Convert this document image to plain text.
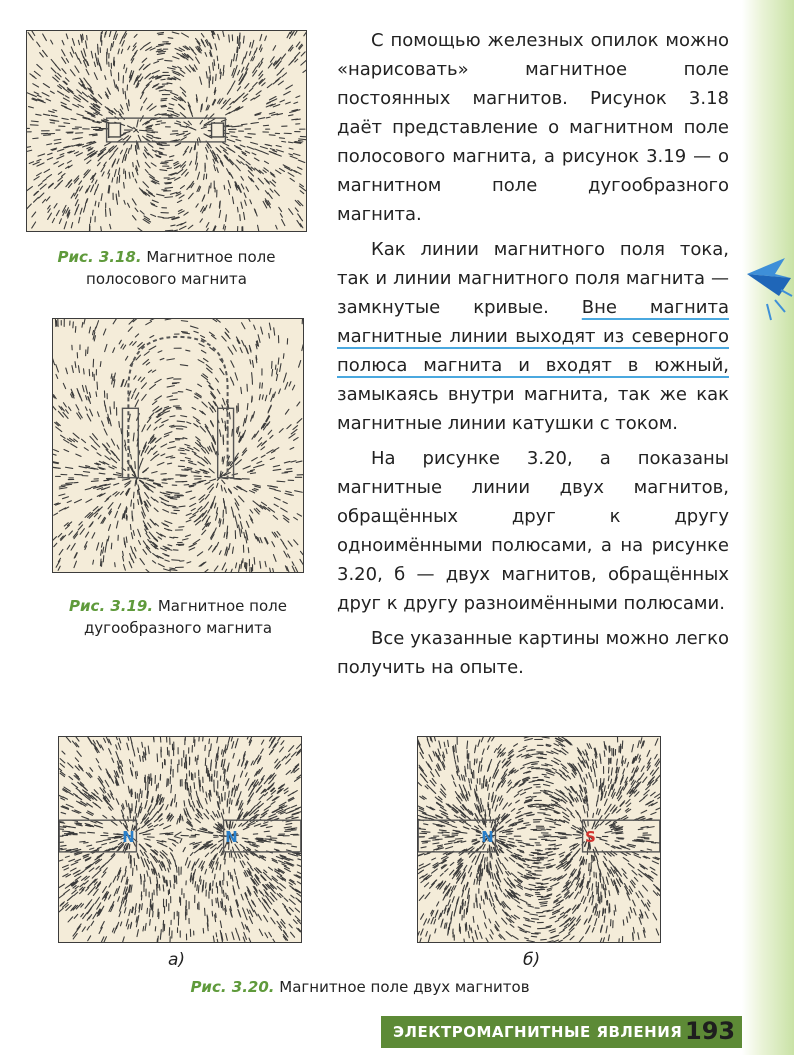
Рис. 3.18. Магнитное поле полосового магнита
Рис. 3.19. Магнитное поле дугообразного магнита

С помощью железных опилок можно «нарисовать» магнитное поле постоянных магнитов. Рисунок 3.18 даёт представление о магнитном поле полосового магнита, а рисунок 3.19 — о магнитном поле дугообразного магнита.

Как линии магнитного поля тока, так и линии магнитного поля магнита — замкнутые кривые. Вне магнита магнитные линии выходят из северного полюса магнита и входят в южный, замыкаясь внутри магнита, так же как магнитные линии катушки с током.

На рисунке 3.20, а показаны магнитные линии двух магнитов, обращённых друг к другу одноимёнными полюсами, а на рисунке 3.20, б — двух магнитов, обращённых друг к другу разноимёнными полюсами.

Все указанные картины можно легко получить на опыте.

N	N	N	S
а)	б)
Рис. 3.20. Магнитное поле двух магнитов
ЭЛЕКТРОМАГНИТНЫЕ ЯВЛЕНИЯ 193
